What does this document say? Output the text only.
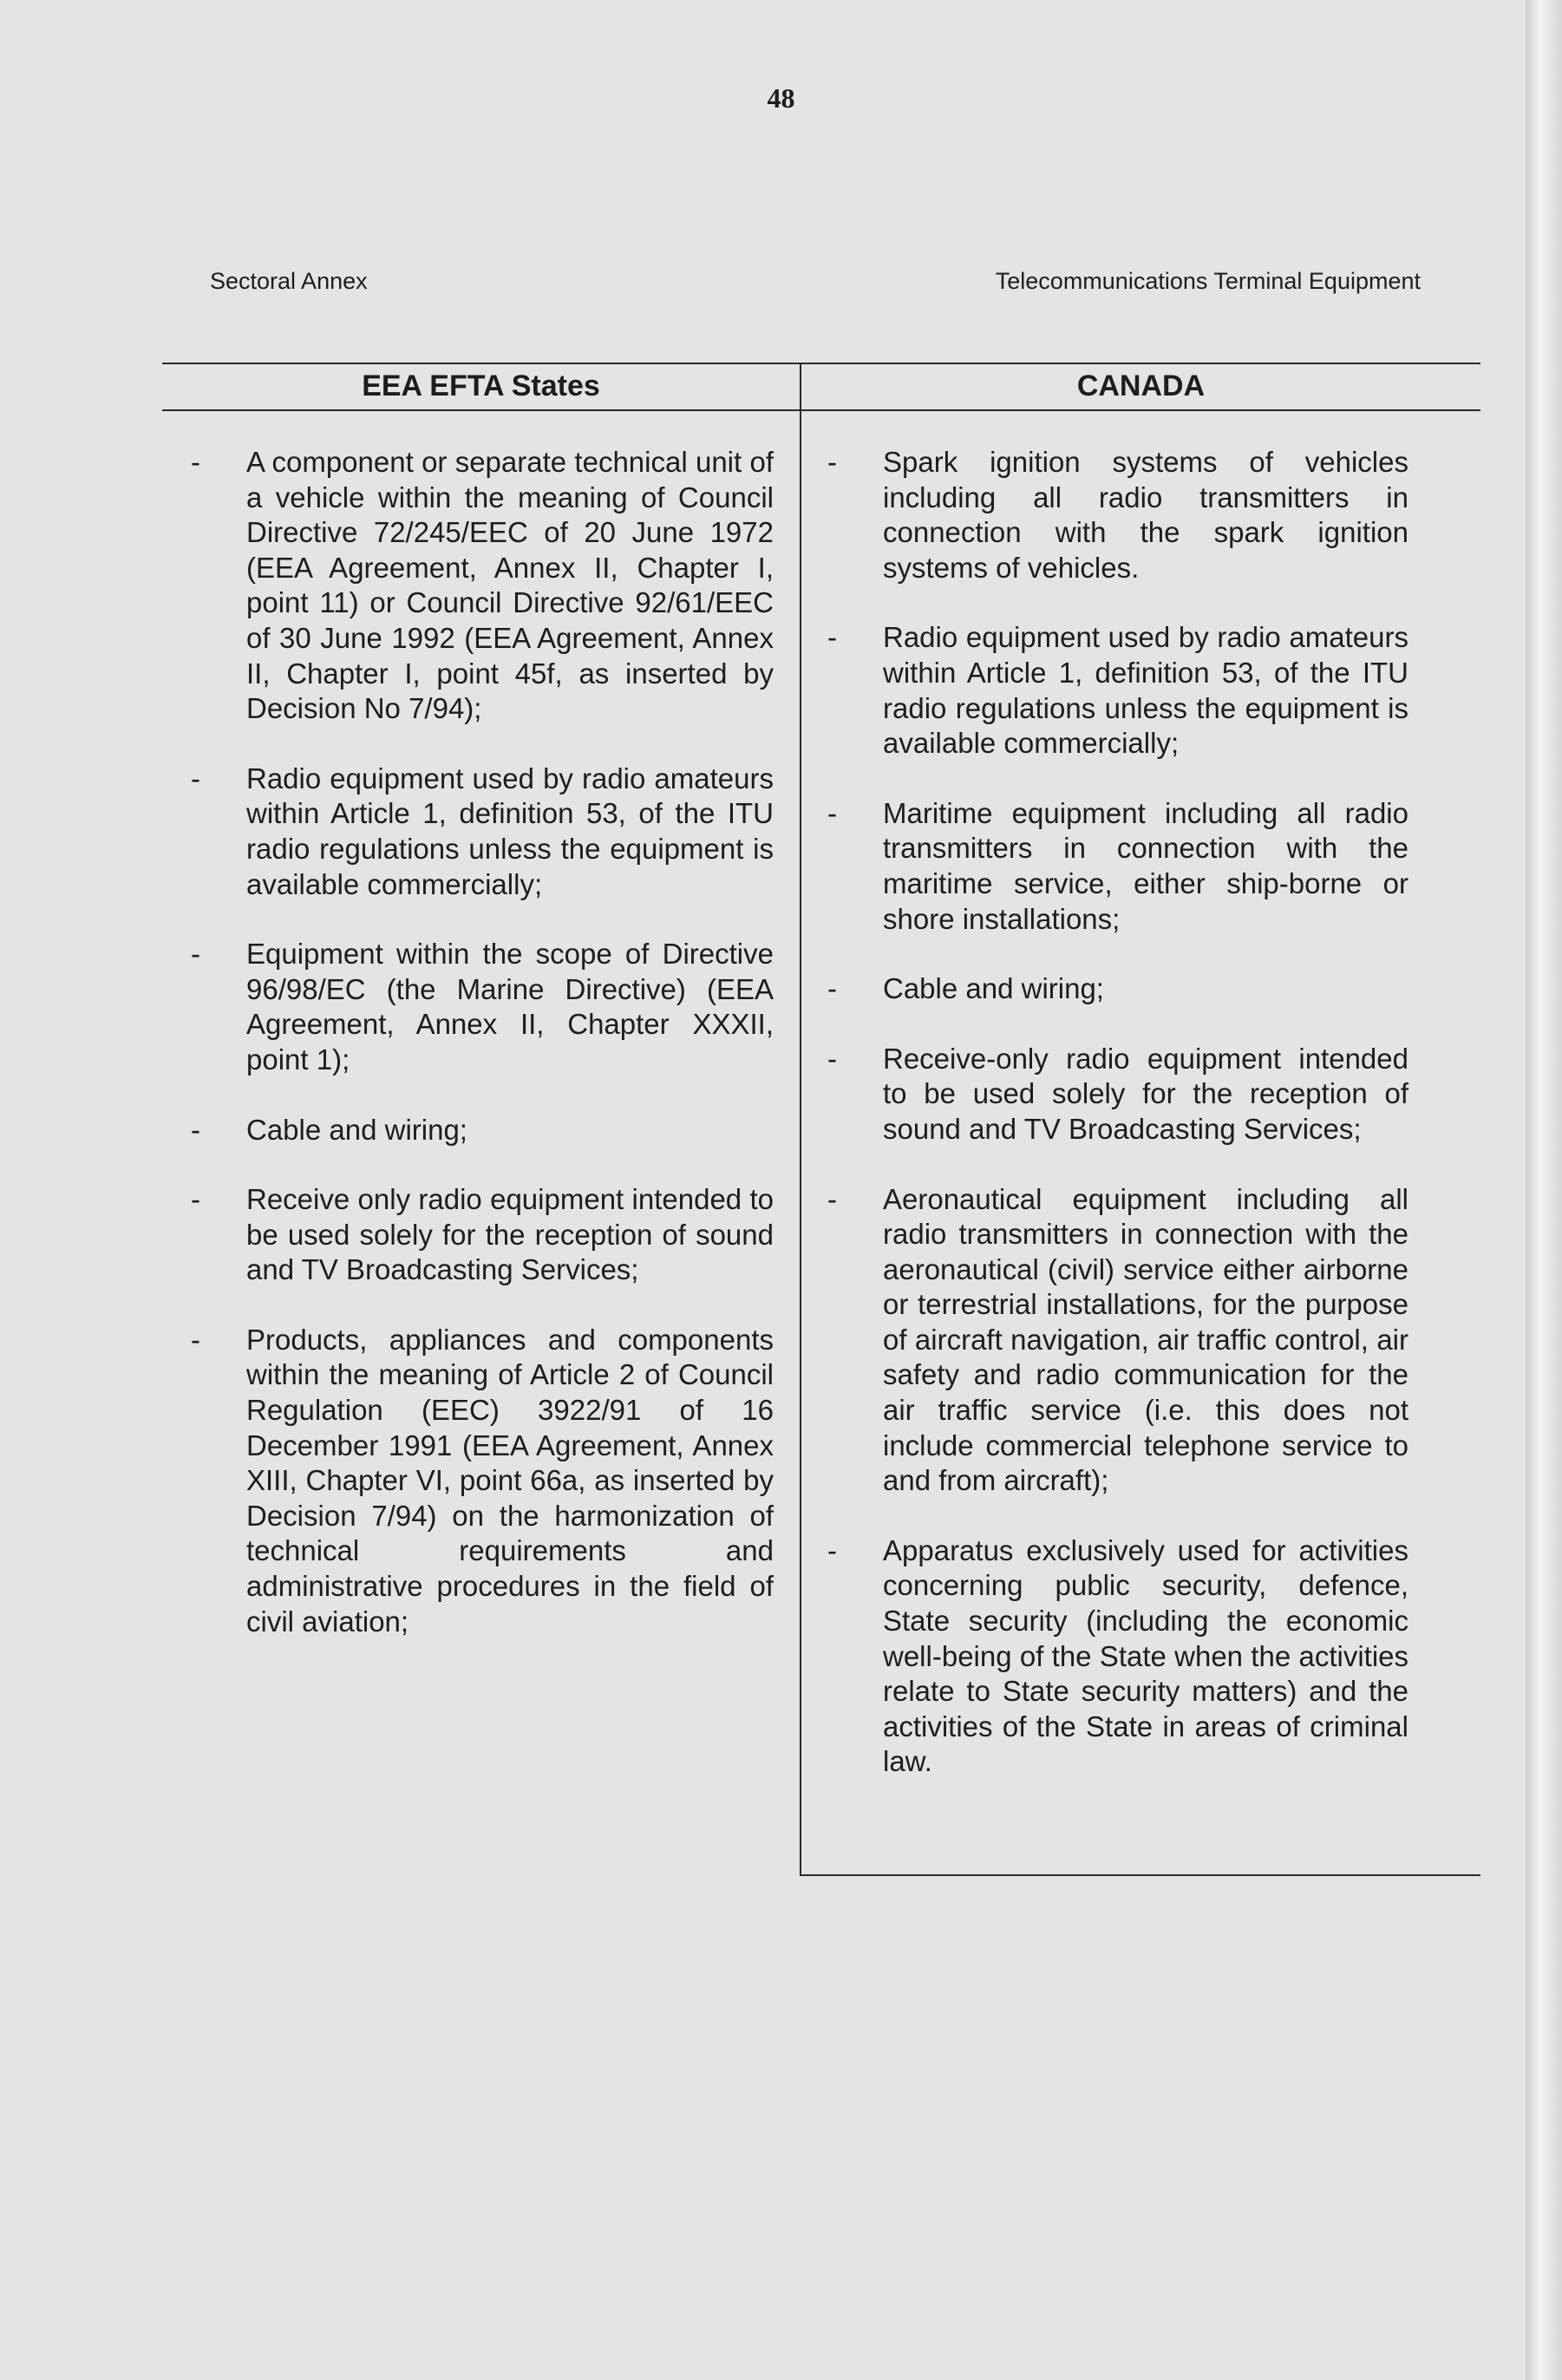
48
Sectoral Annex	Telecommunications Terminal Equipment
EEA EFTA States	CANADA
- A component or separate technical unit of a vehicle within the meaning of Council Directive 72/245/EEC of 20 June 1972 (EEA Agreement, Annex II, Chapter I, point 11) or Council Directive 92/61/EEC of 30 June 1992 (EEA Agreement, Annex II, Chapter I, point 45f, as inserted by Decision No 7/94);
- Radio equipment used by radio amateurs within Article 1, definition 53, of the ITU radio regulations unless the equipment is available commercially;
- Equipment within the scope of Directive 96/98/EC (the Marine Directive) (EEA Agreement, Annex II, Chapter XXXII, point 1);
- Cable and wiring;
- Receive only radio equipment intended to be used solely for the reception of sound and TV Broadcasting Services;
- Products, appliances and components within the meaning of Article 2 of Council Regulation (EEC) 3922/91 of 16 December 1991 (EEA Agreement, Annex XIII, Chapter VI, point 66a, as inserted by Decision 7/94) on the harmonization of technical requirements and administrative procedures in the field of civil aviation;
- Spark ignition systems of vehicles including all radio transmitters in connection with the spark ignition systems of vehicles.
- Radio equipment used by radio amateurs within Article 1, definition 53, of the ITU radio regulations unless the equipment is available commercially;
- Maritime equipment including all radio transmitters in connection with the maritime service, either ship-borne or shore installations;
- Cable and wiring;
- Receive-only radio equipment intended to be used solely for the reception of sound and TV Broadcasting Services;
- Aeronautical equipment including all radio transmitters in connection with the aeronautical (civil) service either airborne or terrestrial installations, for the purpose of aircraft navigation, air traffic control, air safety and radio communication for the air traffic service (i.e. this does not include commercial telephone service to and from aircraft);
- Apparatus exclusively used for activities concerning public security, defence, State security (including the economic well-being of the State when the activities relate to State security matters) and the activities of the State in areas of criminal law.
